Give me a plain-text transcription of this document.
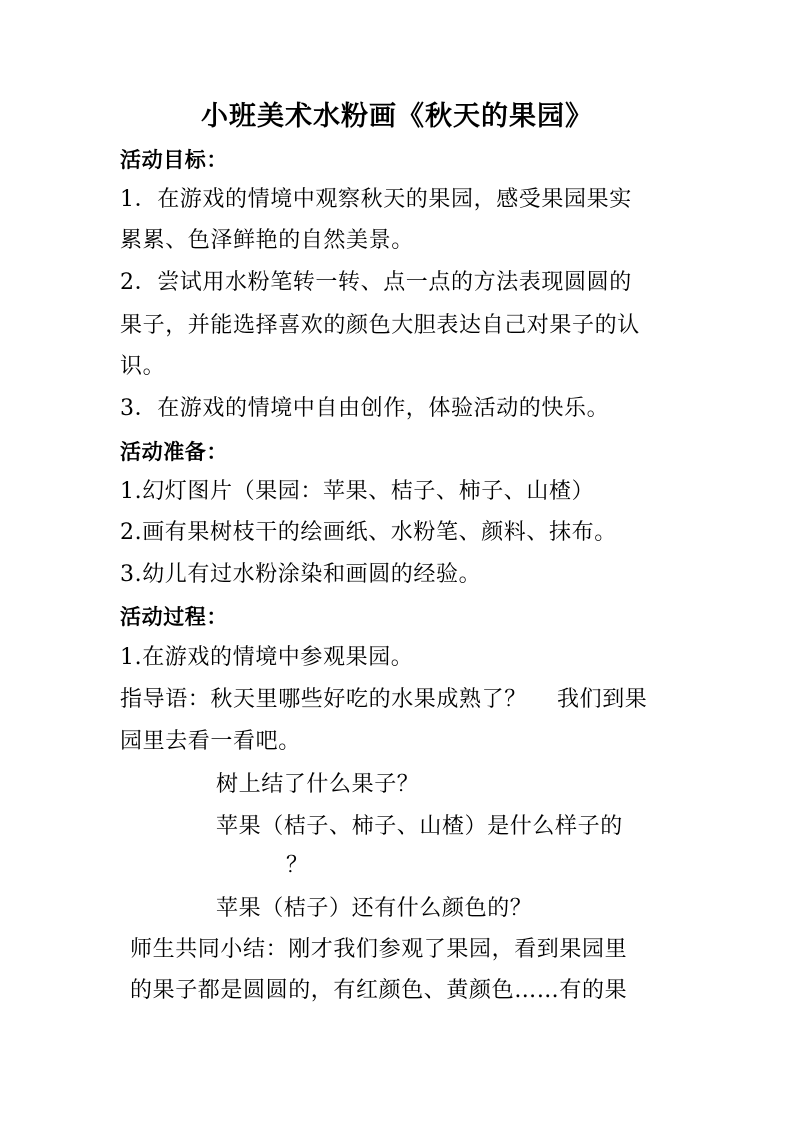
小班美术水粉画《秋天的果园》
活动目标：
1．在游戏的情境中观察秋天的果园，感受果园果实
累累、色泽鲜艳的自然美景。
2．尝试用水粉笔转一转、点一点的方法表现圆圆的
果子，并能选择喜欢的颜色大胆表达自己对果子的认
识。
3．在游戏的情境中自由创作，体验活动的快乐。
活动准备：
1.幻灯图片（果园：苹果、桔子、柿子、山楂）
2.画有果树枝干的绘画纸、水粉笔、颜料、抹布。
3.幼儿有过水粉涂染和画圆的经验。
活动过程：
1.在游戏的情境中参观果园。
指导语：秋天里哪些好吃的水果成熟了？　 我们到果
园里去看一看吧。
树上结了什么果子？
苹果（桔子、柿子、山楂）是什么样子的
？
苹果（桔子）还有什么颜色的？
师生共同小结：刚才我们参观了果园，看到果园里
的果子都是圆圆的，有红颜色、黄颜色……有的果
